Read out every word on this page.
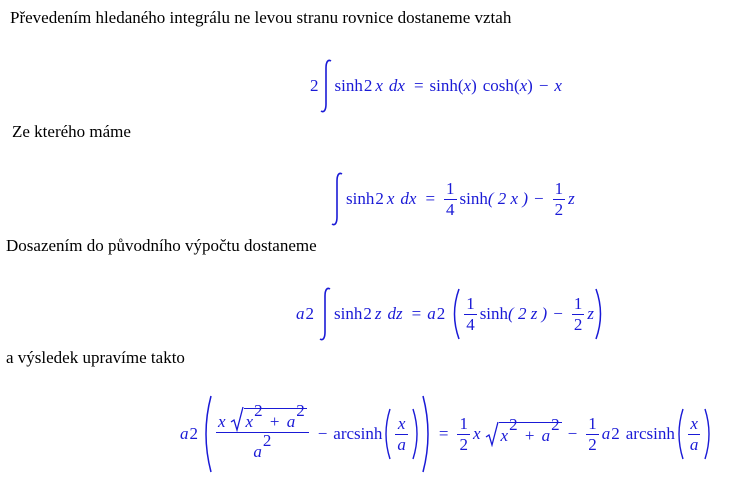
Převedením hledaného integrálu ne levou stranu rovnice dostaneme vztah
2 sinh 2 x dx = sinh ( x ) cosh ( x ) − x
Ze kterého máme
sinh 2 x dx = $\frac{1}{4}$ sinh ( 2 x ) − $\frac{1}{2}$ z
Dosazením do původního výpočtu dostaneme
a 2 sinh 2 z dz = a $2 \frac{1}{4}$ sinh ( 2 z ) − $\frac{1}{2}$ z
a výsledek upravíme takto
a 2
x $x^2 + a^2$
$a^2$	− arcsinh $\frac{x}{a} = \frac{1}{2}$ x $x^2 + a^2 - \frac{1}{2}$ a 2 arcsinh $\frac{x}{a}$
